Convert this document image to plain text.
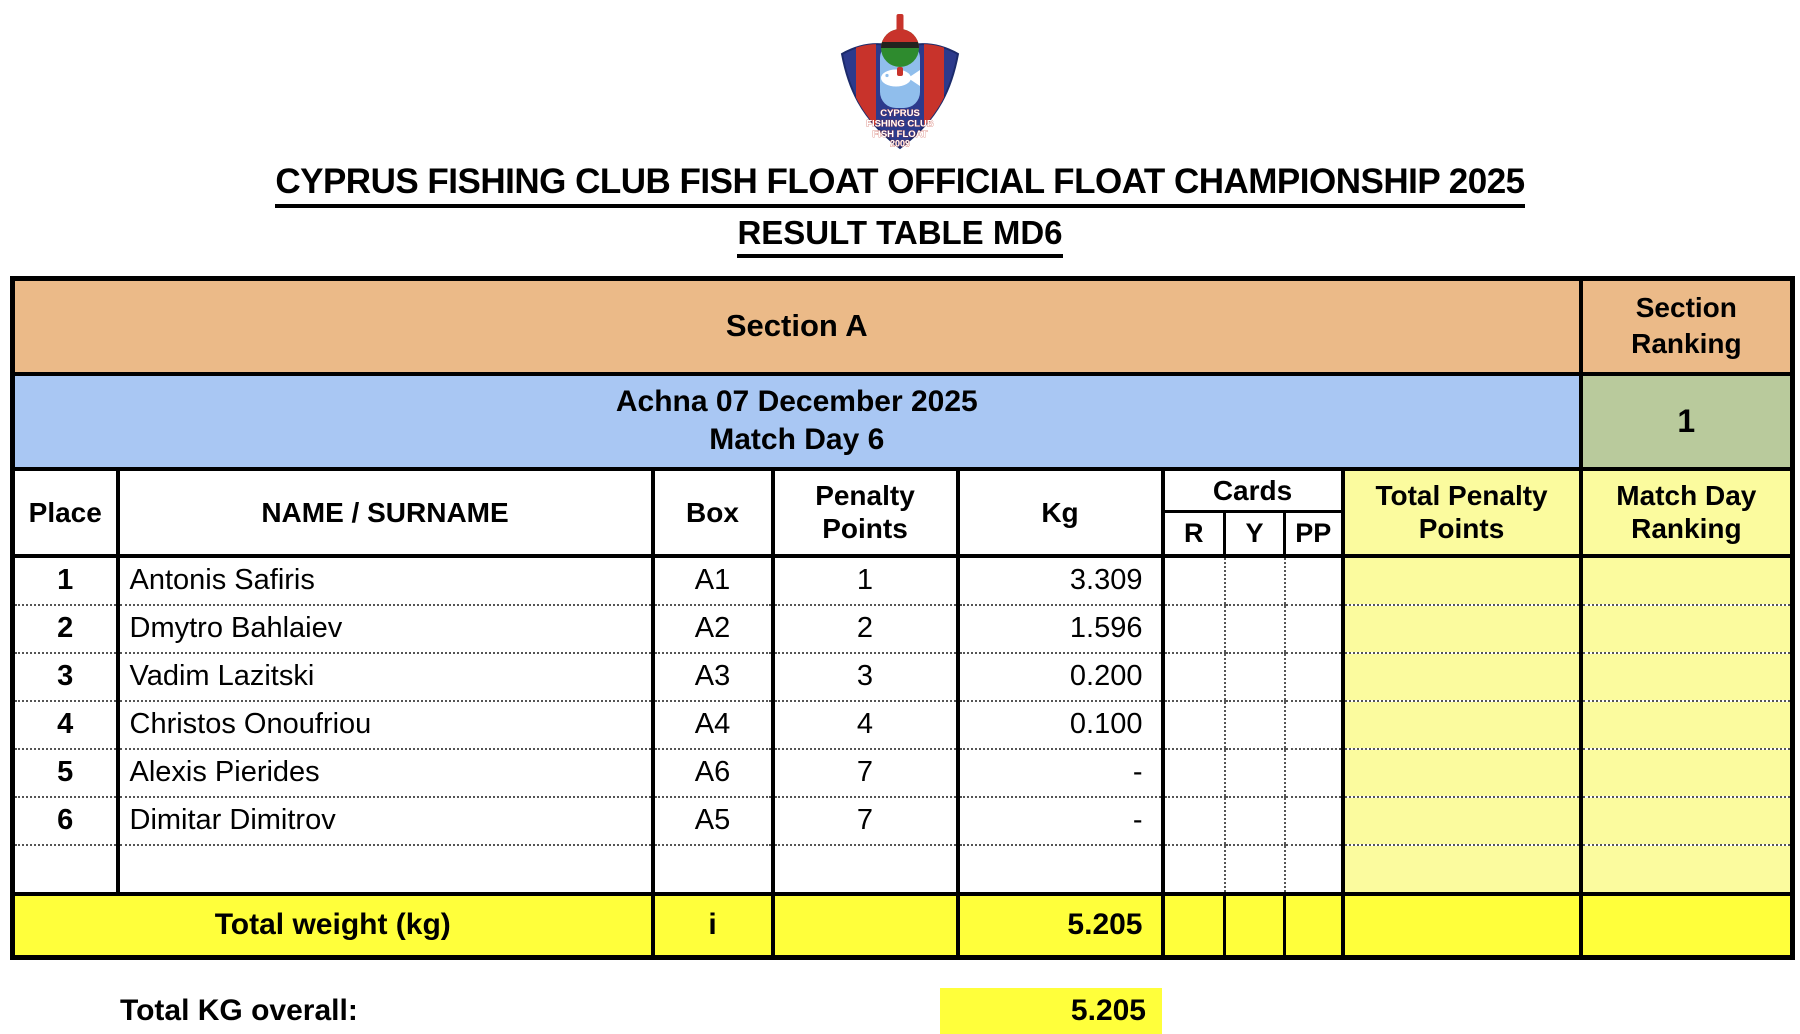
CYPRUS
FISHING CLUB
FISH FLOAT
2009
CYPRUS FISHING CLUB FISH FLOAT OFFICIAL FLOAT CHAMPIONSHIP 2025
RESULT TABLE MD6
Section A									Section Ranking

Achna 07 December 2025
Match Day 6									1
Place	NAME / SURNAME	Box	Penalty Points	Kg	Cards			Total Penalty Points	Match Day Ranking
					R	Y	PP		
1	Antonis Safiris	A1	1	3.309					
2	Dmytro Bahlaiev	A2	2	1.596					
3	Vadim Lazitski	A3	3	0.200					
4	Christos Onoufriou	A4	4	0.100					
5	Alexis Pierides	A6	7	-					
6	Dimitar Dimitrov	A5	7	-					

Total weight (kg)		i		5.205					
Total KG overall:	5.205
